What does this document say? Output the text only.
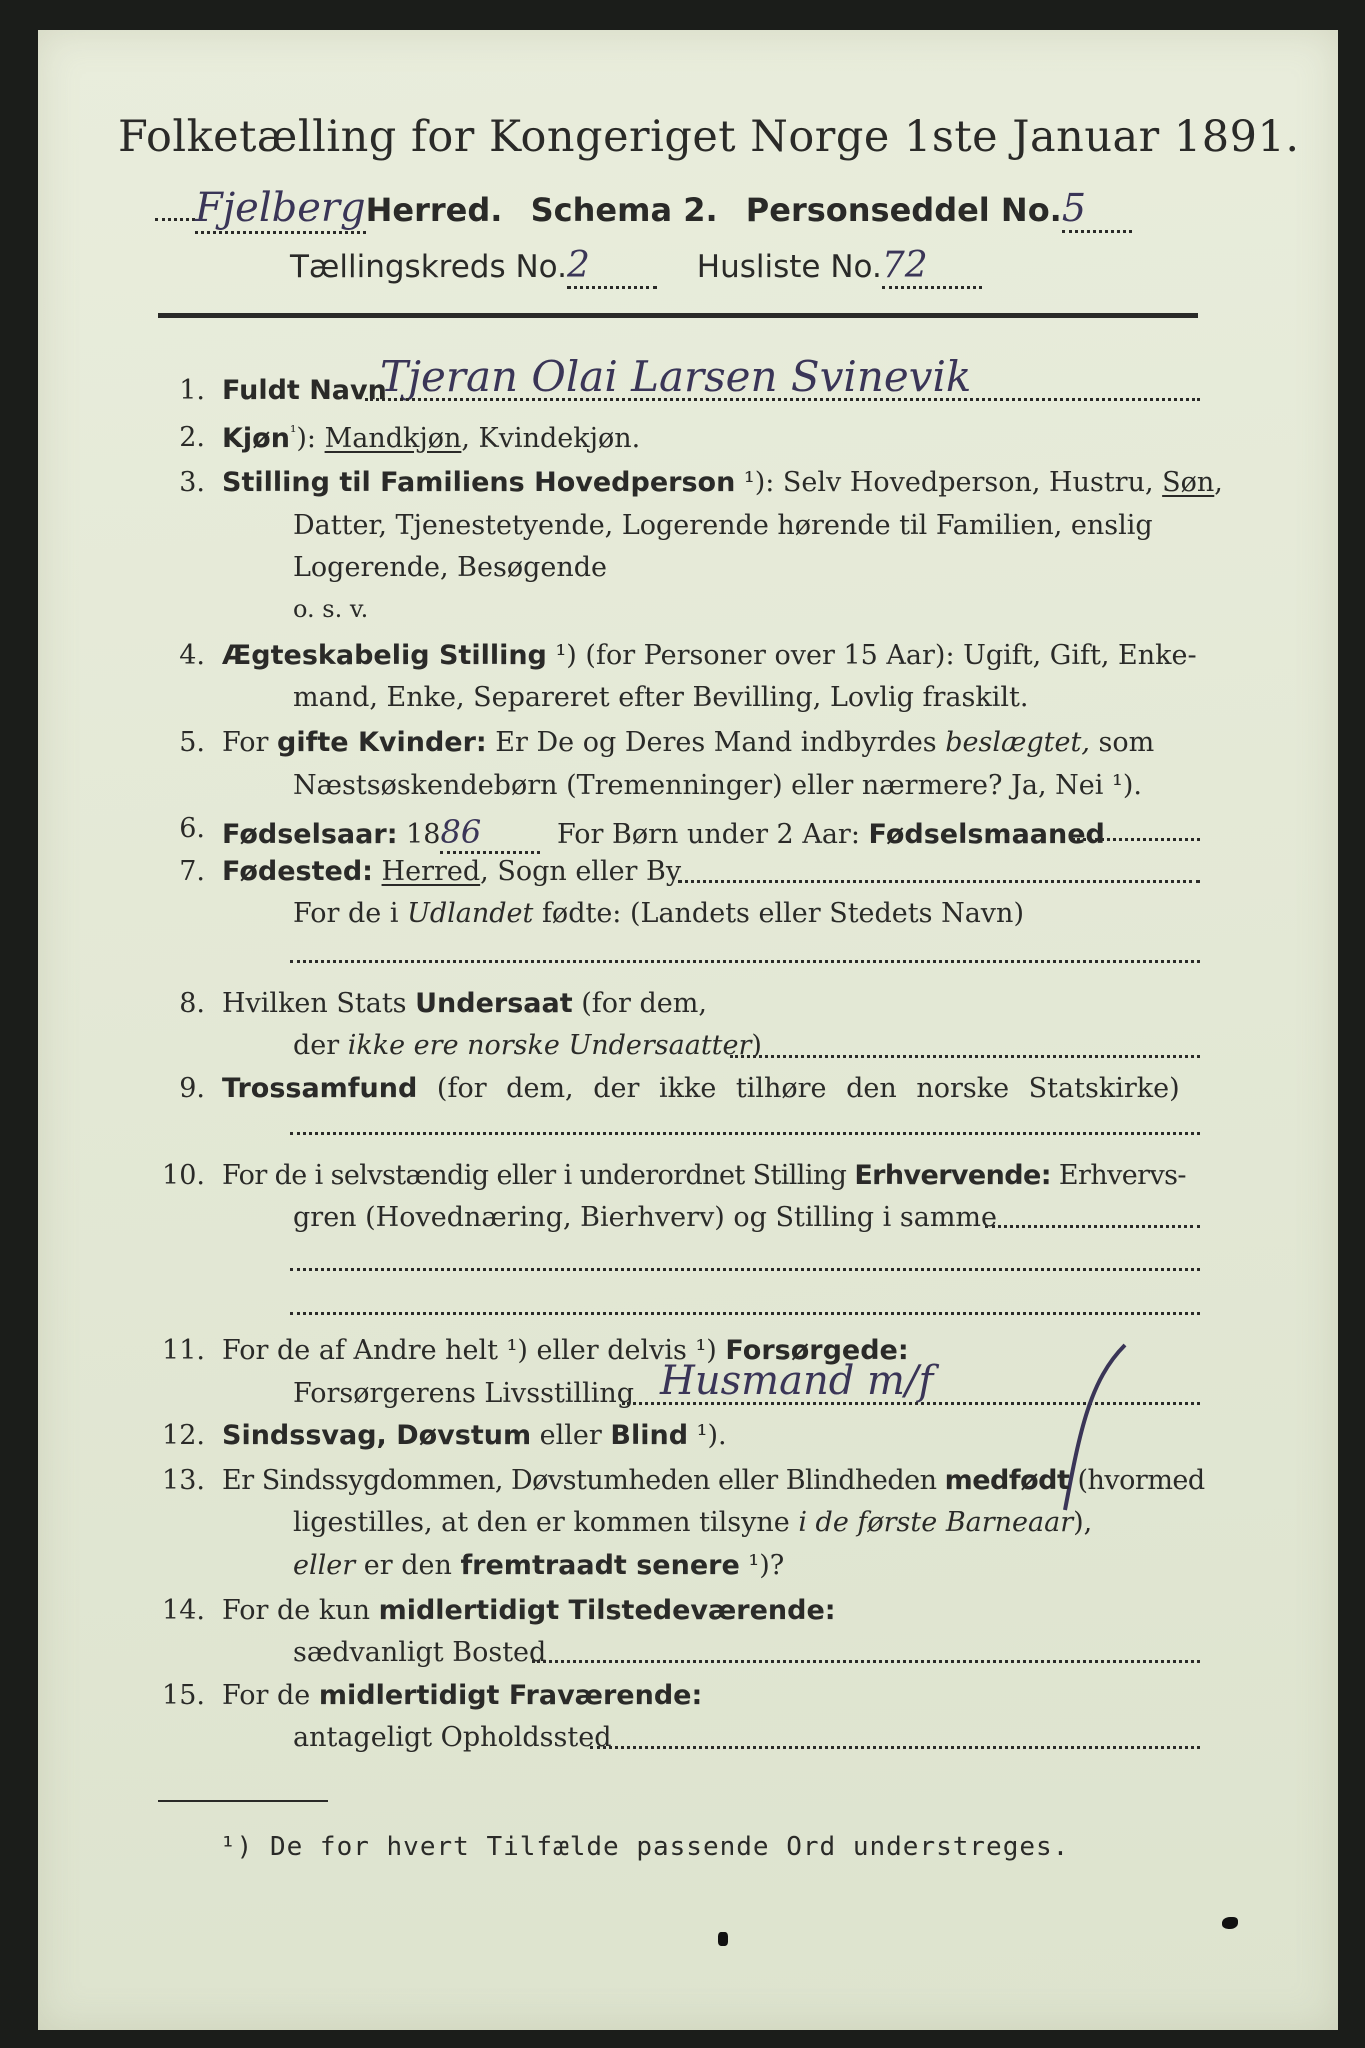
Folketælling for Kongeriget Norge 1ste Januar 1891.
FjelbergHerred. Schema 2. Personseddel No.5
Tællingskreds No.2	Husliste No.72
1. Fuldt Navn
Tjeran Olai Larsen Svinevik
2. Kjøn$^{^1}$): Mandkjøn, Kvindekjøn.
3. Stilling til Familiens Hovedperson ¹): Selv Hovedperson, Hustru, Søn,
Datter, Tjenestetyende, Logerende hørende til Familien, enslig
Logerende, Besøgende
o. s. v.
4. Ægteskabelig Stilling ¹) (for Personer over 15 Aar): Ugift, Gift, Enke-
mand, Enke, Separeret efter Bevilling, Lovlig fraskilt.
5. For gifte Kvinder: Er De og Deres Mand indbyrdes beslægtet, som
Næstsøskendebørn (Tremenninger) eller nærmere? Ja, Nei ¹).
6. Fødselsaar: 1886	For Børn under 2 Aar: Fødselsmaaned
7. Fødested: Herred, Sogn eller By
For de i Udlandet fødte: (Landets eller Stedets Navn)
8. Hvilken Stats Undersaat (for dem,
der ikke ere norske Undersaatter)
9. Trossamfund (for dem, der ikke tilhøre den norske Statskirke)
10. For de i selvstændig eller i underordnet Stilling Erhvervende: Erhvervs-
gren (Hovednæring, Bierhverv) og Stilling i samme
11. For de af Andre helt ¹) eller delvis ¹) Forsørgede:
Forsørgerens Livsstilling Husmand m/f
12. Sindssvag, Døvstum eller Blind ¹).
13. Er Sindssygdommen, Døvstumheden eller Blindheden medfødt (hvormed
ligestilles, at den er kommen tilsyne i de første Barneaar),
eller er den fremtraadt senere ¹)?
14. For de kun midlertidigt Tilstedeværende:
sædvanligt Bosted
15. For de midlertidigt Fraværende:
antageligt Opholdssted
¹) De for hvert Tilfælde passende Ord understreges.
